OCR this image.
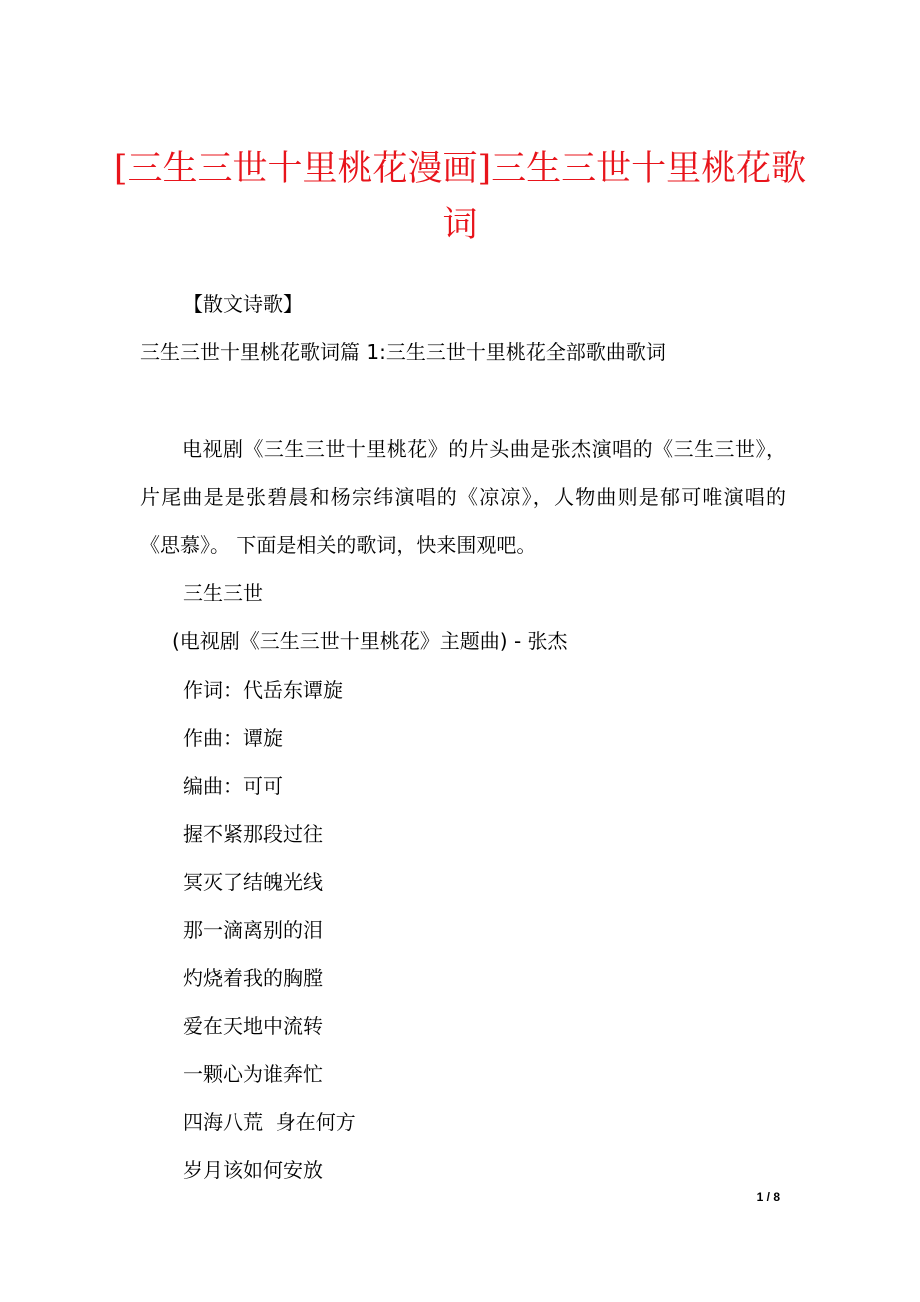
[三生三世十里桃花漫画]三生三世十里桃花歌词

【散文诗歌】

三生三世十里桃花歌词篇 1:三生三世十里桃花全部歌曲歌词

电视剧《三生三世十里桃花》的片头曲是张杰演唱的《三生三世》，片尾曲是是张碧晨和杨宗纬演唱的《凉凉》，人物曲则是郁可唯演唱的《思慕》。 下面是相关的歌词，快来围观吧。

三生三世

(电视剧《三生三世十里桃花》主题曲) - 张杰

作词：代岳东谭旋

作曲：谭旋

编曲：可可

握不紧那段过往

冥灭了结魄光线

那一滴离别的泪

灼烧着我的胸膛

爱在天地中流转

一颗心为谁奔忙

四海八荒  身在何方

岁月该如何安放

1 / 8
